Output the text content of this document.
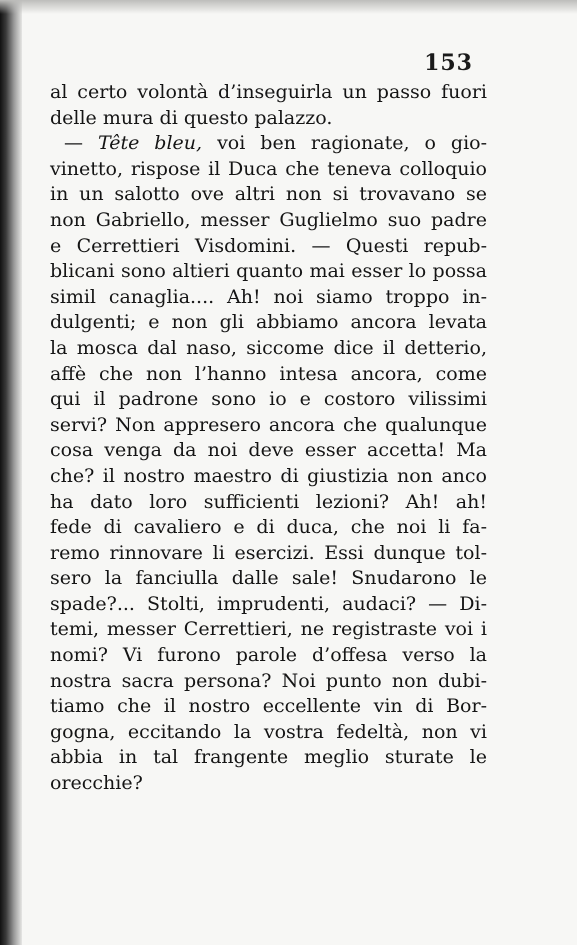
153
al certo volontà d’inseguirla un passo fuori
delle mura di questo palazzo.
— Tête bleu, voi ben ragionate, o gio-
vinetto, rispose il Duca che teneva colloquio
in un salotto ove altri non si trovavano se
non Gabriello, messer Guglielmo suo padre
e Cerrettieri Visdomini. — Questi repub-
blicani sono altieri quanto mai esser lo possa
simil canaglia.... Ah! noi siamo troppo in-
dulgenti; e non gli abbiamo ancora levata
la mosca dal naso, siccome dice il detterio,
affè che non l’hanno intesa ancora, come
qui il padrone sono io e costoro vilissimi
servi? Non appresero ancora che qualunque
cosa venga da noi deve esser accetta! Ma
che? il nostro maestro di giustizia non anco
ha dato loro sufficienti lezioni? Ah! ah!
fede di cavaliero e di duca, che noi li fa-
remo rinnovare li esercizi. Essi dunque tol-
sero la fanciulla dalle sale! Snudarono le
spade?... Stolti, imprudenti, audaci? — Di-
temi, messer Cerrettieri, ne registraste voi i
nomi? Vi furono parole d’offesa verso la
nostra sacra persona? Noi punto non dubi-
tiamo che il nostro eccellente vin di Bor-
gogna, eccitando la vostra fedeltà, non vi
abbia in tal frangente meglio sturate le
orecchie?
